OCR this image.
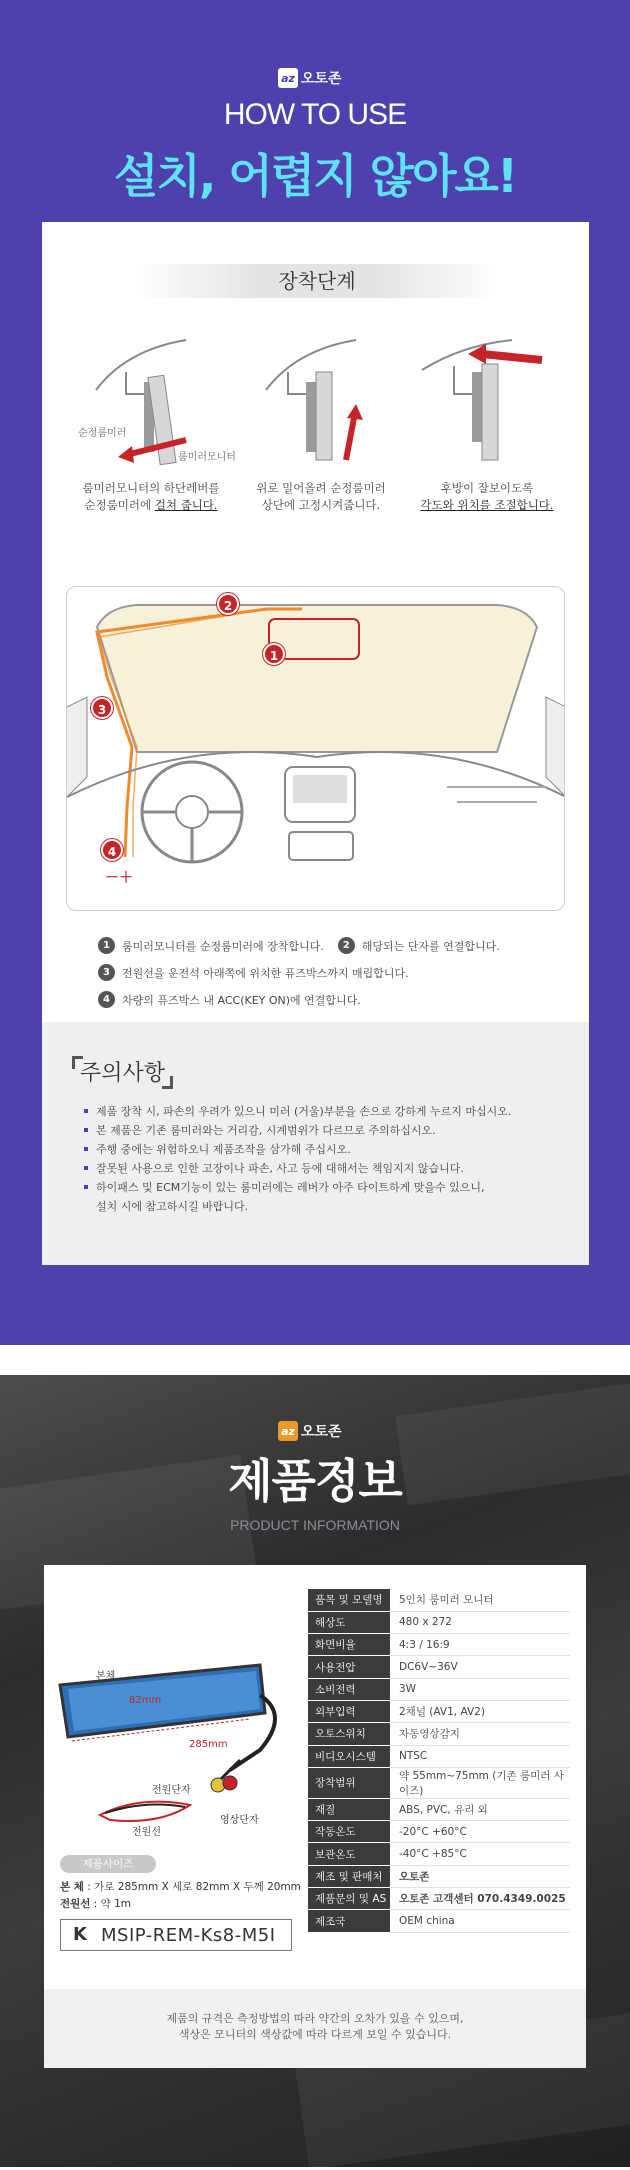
az 오토존
HOW TO USE
설치, 어렵지 않아요!
장착단계
순정룸미러
룸미러모니터
룸미러모니터의 하단레버를
순정룸미러에 걸쳐 줍니다.
위로 밀어올려 순정룸미러
상단에 고정시켜줍니다.
후방이 잘보이도록
각도와 위치를 조절합니다.
1
2
3
4
－＋
1	룸미러모니터를 순정룸미러에 장착합니다.	2	해당되는 단자를 연결합니다.
3	전원선을 운전석 아래쪽에 위치한 퓨즈박스까지 매립합니다.
4	차량의 퓨즈박스 내 ACC(KEY ON)에 연결합니다.
주의사항
제품 장착 시, 파손의 우려가 있으니 미러 (거울)부분을 손으로 강하게 누르지 마십시오.
본 제품은 기존 룸미러와는 거리감, 시계범위가 다르므로 주의하십시오.
주행 중에는 위험하오니 제품조작을 삼가해 주십시오.
잘못된 사용으로 인한 고장이나 파손, 사고 등에 대해서는 책임지지 않습니다.
하이패스 및 ECM기능이 있는 룸미러에는 레버가 아주 타이트하게 맞을수 있으니,
설치 시에 참고하시길 바랍니다.
az 오토존
제품정보
PRODUCT INFORMATION
본체
82mm
285mm
전원단자
영상단자
전원선
제품사이즈
본 체 : 가로 285mm X 세로 82mm X 두께 20mm
전원선 : 약 1m
K MSIP-REM-Ks8-M5I
품목 및 모델명	5인치 룸미러 모니터
해상도	480 x 272
화면비율	4:3 / 16:9
사용전압	DC6V~36V
소비전력	3W
외부입력	2채널 (AV1, AV2)
오토스위치	자동영상감지
비디오시스템	NTSC
장착범위	약 55mm~75mm (기존 룸미러 사이즈)
재질	ABS, PVC, 유리 외
작동온도	-20°C +60°C
보관온도	-40°C +85°C
제조 및 판매처	오토존
제품문의 및 AS	오토존 고객센터 070.4349.0025
제조국	OEM china
제품의 규격은 측정방법의 따라 약간의 오차가 있을 수 있으며,
색상은 모니터의 색상값에 따라 다르게 보일 수 있습니다.
